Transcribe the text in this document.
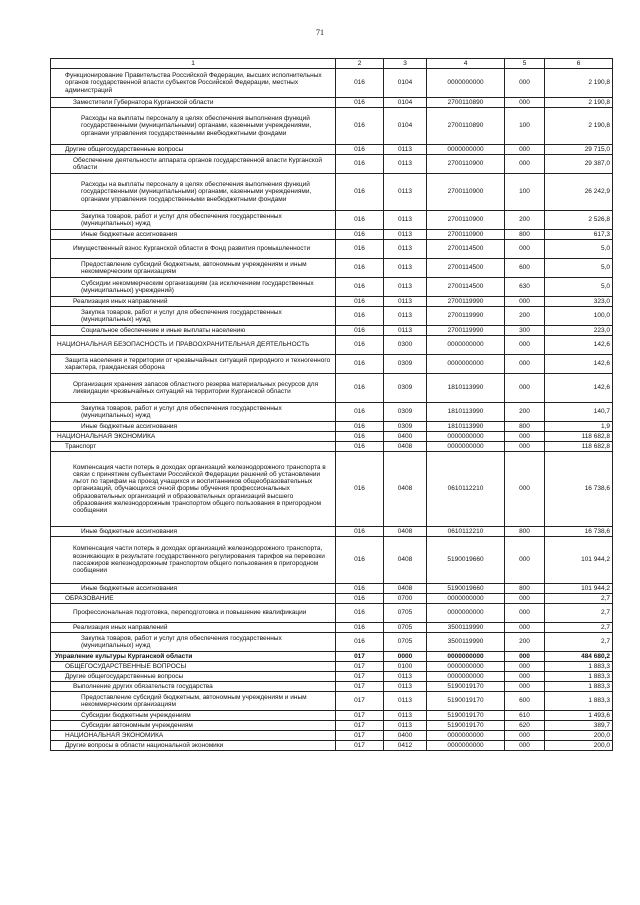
71
1	2	3	4	5	6
Функционирование Правительства Российской Федерации, высших исполнительных органов государственной власти субъектов Российской Федерации, местных администраций	016	0104	0000000000	000	2 190,8
Заместители Губернатора Курганской области	016	0104	2700110890	000	2 190,8
Расходы на выплаты персоналу в целях обеспечения выполнения функций государственными (муниципальными) органами, казенными учреждениями, органами управления государственными внебюджетными фондами	016	0104	2700110890	100	2 190,8
Другие общегосударственные вопросы	016	0113	0000000000	000	29 715,0
Обеспечение деятельности аппарата органов государственной власти Курганской области	016	0113	2700110900	000	29 387,0
Расходы на выплаты персоналу в целях обеспечения выполнения функций государственными (муниципальными) органами, казенными учреждениями, органами управления государственными внебюджетными фондами	016	0113	2700110900	100	26 242,9
Закупка товаров, работ и услуг для обеспечения государственных (муниципальных) нужд	016	0113	2700110900	200	2 526,8
Иные бюджетные ассигнования	016	0113	2700110900	800	617,3
Имущественный взнос Курганской области в Фонд развития промышленности	016	0113	2700114500	000	5,0
Предоставление субсидий бюджетным, автономным учреждениям и иным некоммерческим организациям	016	0113	2700114500	600	5,0
Субсидии некоммерческим организациям (за исключением государственных (муниципальных) учреждений)	016	0113	2700114500	630	5,0
Реализация иных направлений	016	0113	2700119990	000	323,0
Закупка товаров, работ и услуг для обеспечения государственных (муниципальных) нужд	016	0113	2700119990	200	100,0
Социальное обеспечение и иные выплаты населению	016	0113	2700119990	300	223,0
НАЦИОНАЛЬНАЯ БЕЗОПАСНОСТЬ И ПРАВООХРАНИТЕЛЬНАЯ ДЕЯТЕЛЬНОСТЬ	016	0300	0000000000	000	142,6
Защита населения и территории от чрезвычайных ситуаций природного и техногенного характера, гражданская оборона	016	0309	0000000000	000	142,6
Организация хранения запасов областного резерва материальных ресурсов для ликвидации чрезвычайных ситуаций на территории Курганской области	016	0309	1810113990	000	142,6
Закупка товаров, работ и услуг для обеспечения государственных (муниципальных) нужд	016	0309	1810113990	200	140,7
Иные бюджетные ассигнования	016	0309	1810113990	800	1,9
НАЦИОНАЛЬНАЯ ЭКОНОМИКА	016	0400	0000000000	000	118 682,8
Транспорт	016	0408	0000000000	000	118 682,8
Компенсация части потерь в доходах организаций железнодорожного транспорта в связи с принятием субъектами Российской Федерации решений об установлении льгот по тарифам на проезд учащихся и воспитанников общеобразовательных организаций, обучающихся очной формы обучения профессиональных образовательных организаций и образовательных организаций высшего образования железнодорожным транспортом общего пользования в пригородном сообщении	016	0408	0610112210	000	16 738,6
Иные бюджетные ассигнования	016	0408	0610112210	800	16 738,6
Компенсация части потерь в доходах организаций железнодорожного транспорта, возникающих в результате государственного регулирования тарифов на перевозки пассажиров железнодорожным транспортом общего пользования в пригородном сообщении	016	0408	5190019660	000	101 944,2
Иные бюджетные ассигнования	016	0408	5190019660	800	101 944,2
ОБРАЗОВАНИЕ	016	0700	0000000000	000	2,7
Профессиональная подготовка, переподготовка и повышение квалификации	016	0705	0000000000	000	2,7
Реализация иных направлений	016	0705	3500119990	000	2,7
Закупка товаров, работ и услуг для обеспечения государственных (муниципальных) нужд	016	0705	3500119990	200	2,7
Управление культуры Курганской области	017	0000	0000000000	000	484 680,2
ОБЩЕГОСУДАРСТВЕННЫЕ ВОПРОСЫ	017	0100	0000000000	000	1 883,3
Другие общегосударственные вопросы	017	0113	0000000000	000	1 883,3
Выполнение других обязательств государства	017	0113	5190019170	000	1 883,3
Предоставление субсидий бюджетным, автономным учреждениям и иным некоммерческим организациям	017	0113	5190019170	600	1 883,3
Субсидии бюджетным учреждениям	017	0113	5190019170	610	1 493,6
Субсидии автономным учреждениям	017	0113	5190019170	620	389,7
НАЦИОНАЛЬНАЯ ЭКОНОМИКА	017	0400	0000000000	000	200,0
Другие вопросы в области национальной экономики	017	0412	0000000000	000	200,0
